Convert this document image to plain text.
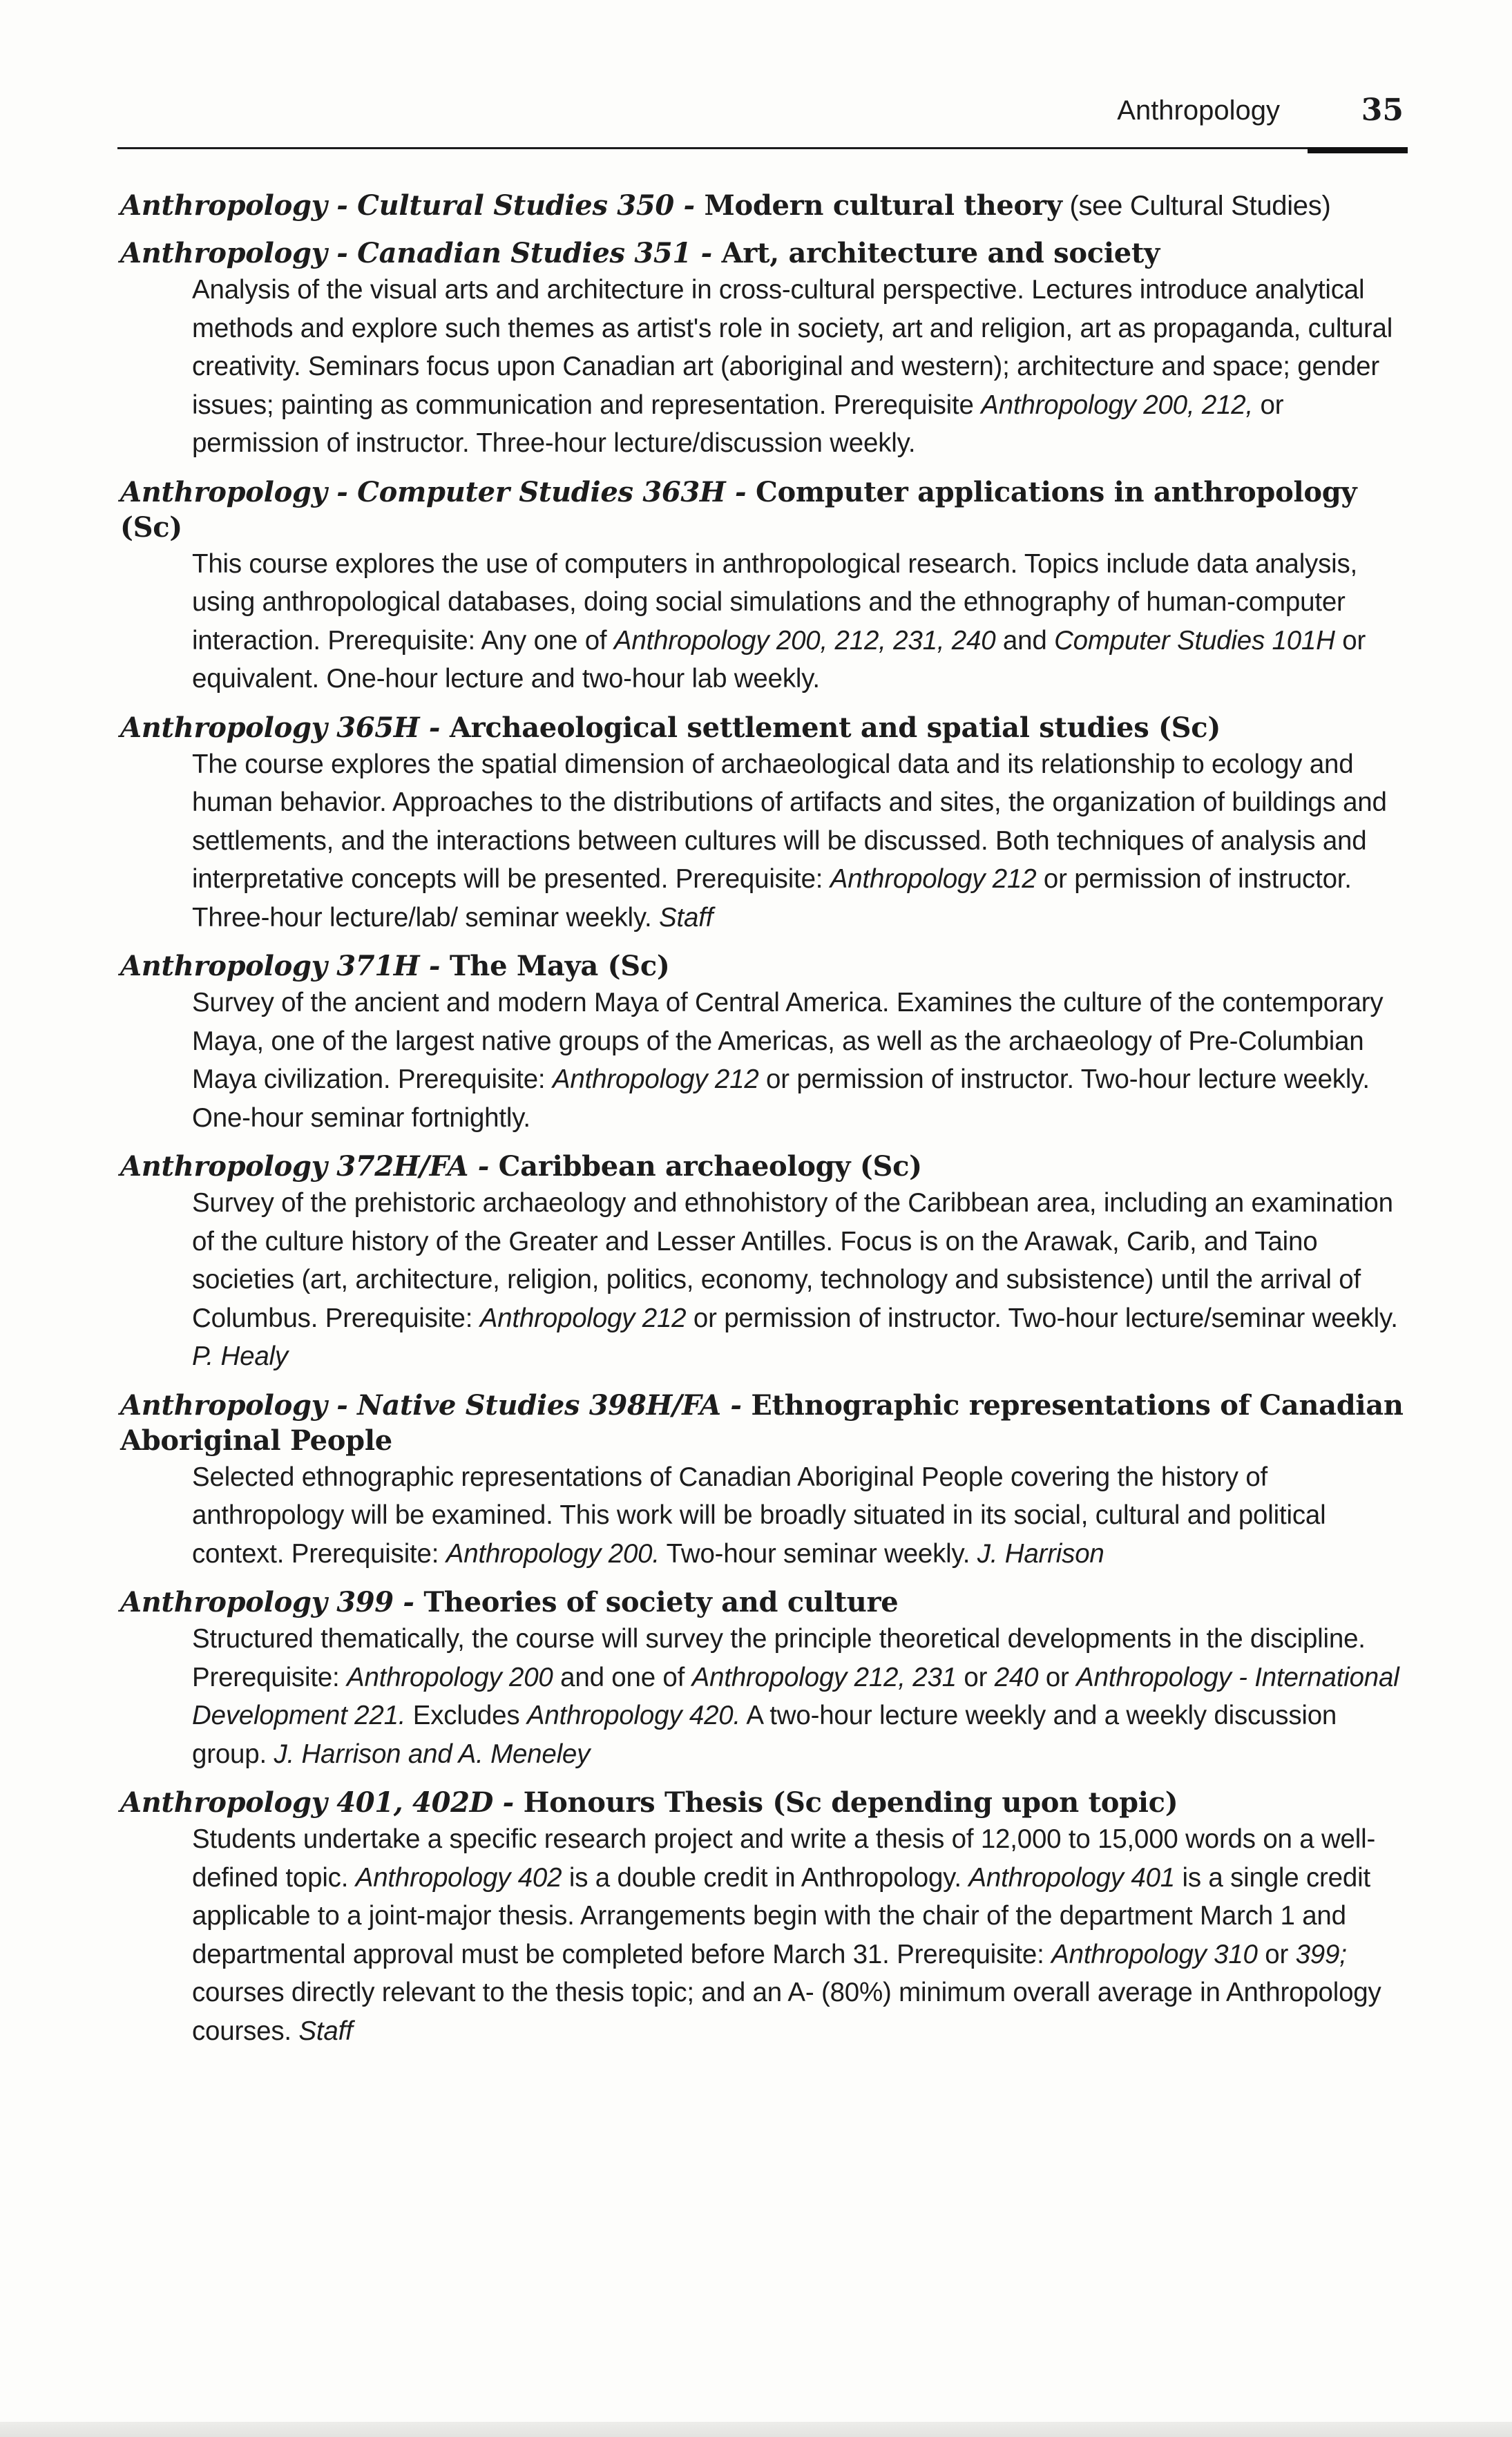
Anthropology	35

Anthropology - Cultural Studies 350 - Modern cultural theory (see Cultural Studies)

Anthropology - Canadian Studies 351 - Art, architecture and society

Analysis of the visual arts and architecture in cross-cultural perspective. Lectures introduce analytical methods and explore such themes as artist's role in society, art and religion, art as propaganda, cultural creativity. Seminars focus upon Canadian art (aboriginal and western); architecture and space; gender issues; painting as communication and representation. Prerequisite Anthropology 200, 212, or permission of instructor. Three-hour lecture/discussion weekly.

Anthropology - Computer Studies 363H - Computer applications in anthropology (Sc)

This course explores the use of computers in anthropological research. Topics include data analysis, using anthropological databases, doing social simulations and the ethnography of human-computer interaction. Prerequisite: Any one of Anthropology 200, 212, 231, 240 and Computer Studies 101H or equivalent. One-hour lecture and two-hour lab weekly.

Anthropology 365H - Archaeological settlement and spatial studies (Sc)

The course explores the spatial dimension of archaeological data and its relationship to ecology and human behavior. Approaches to the distributions of artifacts and sites, the organization of buildings and settlements, and the interactions between cultures will be discussed. Both techniques of analysis and interpretative concepts will be presented. Prerequisite: Anthropology 212 or permission of instructor. Three-hour lecture/lab/ seminar weekly. Staff

Anthropology 371H - The Maya (Sc)

Survey of the ancient and modern Maya of Central America. Examines the culture of the contemporary Maya, one of the largest native groups of the Americas, as well as the archaeology of Pre-Columbian Maya civilization. Prerequisite: Anthropology 212 or permission of instructor. Two-hour lecture weekly. One-hour seminar fortnightly.

Anthropology 372H/FA - Caribbean archaeology (Sc)

Survey of the prehistoric archaeology and ethnohistory of the Caribbean area, including an examination of the culture history of the Greater and Lesser Antilles. Focus is on the Arawak, Carib, and Taino societies (art, architecture, religion, politics, economy, technology and subsistence) until the arrival of Columbus. Prerequisite: Anthropology 212 or permission of instructor. Two-hour lecture/seminar weekly. P. Healy

Anthropology - Native Studies 398H/FA - Ethnographic representations of Canadian Aboriginal People

Selected ethnographic representations of Canadian Aboriginal People covering the history of anthropology will be examined. This work will be broadly situated in its social, cultural and political context. Prerequisite: Anthropology 200. Two-hour seminar weekly. J. Harrison

Anthropology 399 - Theories of society and culture

Structured thematically, the course will survey the principle theoretical developments in the discipline. Prerequisite: Anthropology 200 and one of Anthropology 212, 231 or 240 or Anthropology - International Development 221. Excludes Anthropology 420. A two-hour lecture weekly and a weekly discussion group. J. Harrison and A. Meneley

Anthropology 401, 402D - Honours Thesis (Sc depending upon topic)

Students undertake a specific research project and write a thesis of 12,000 to 15,000 words on a well-defined topic. Anthropology 402 is a double credit in Anthropology. Anthropology 401 is a single credit applicable to a joint-major thesis. Arrangements begin with the chair of the department March 1 and departmental approval must be completed before March 31. Prerequisite: Anthropology 310 or 399; courses directly relevant to the thesis topic; and an A- (80%) minimum overall average in Anthropology courses. Staff
